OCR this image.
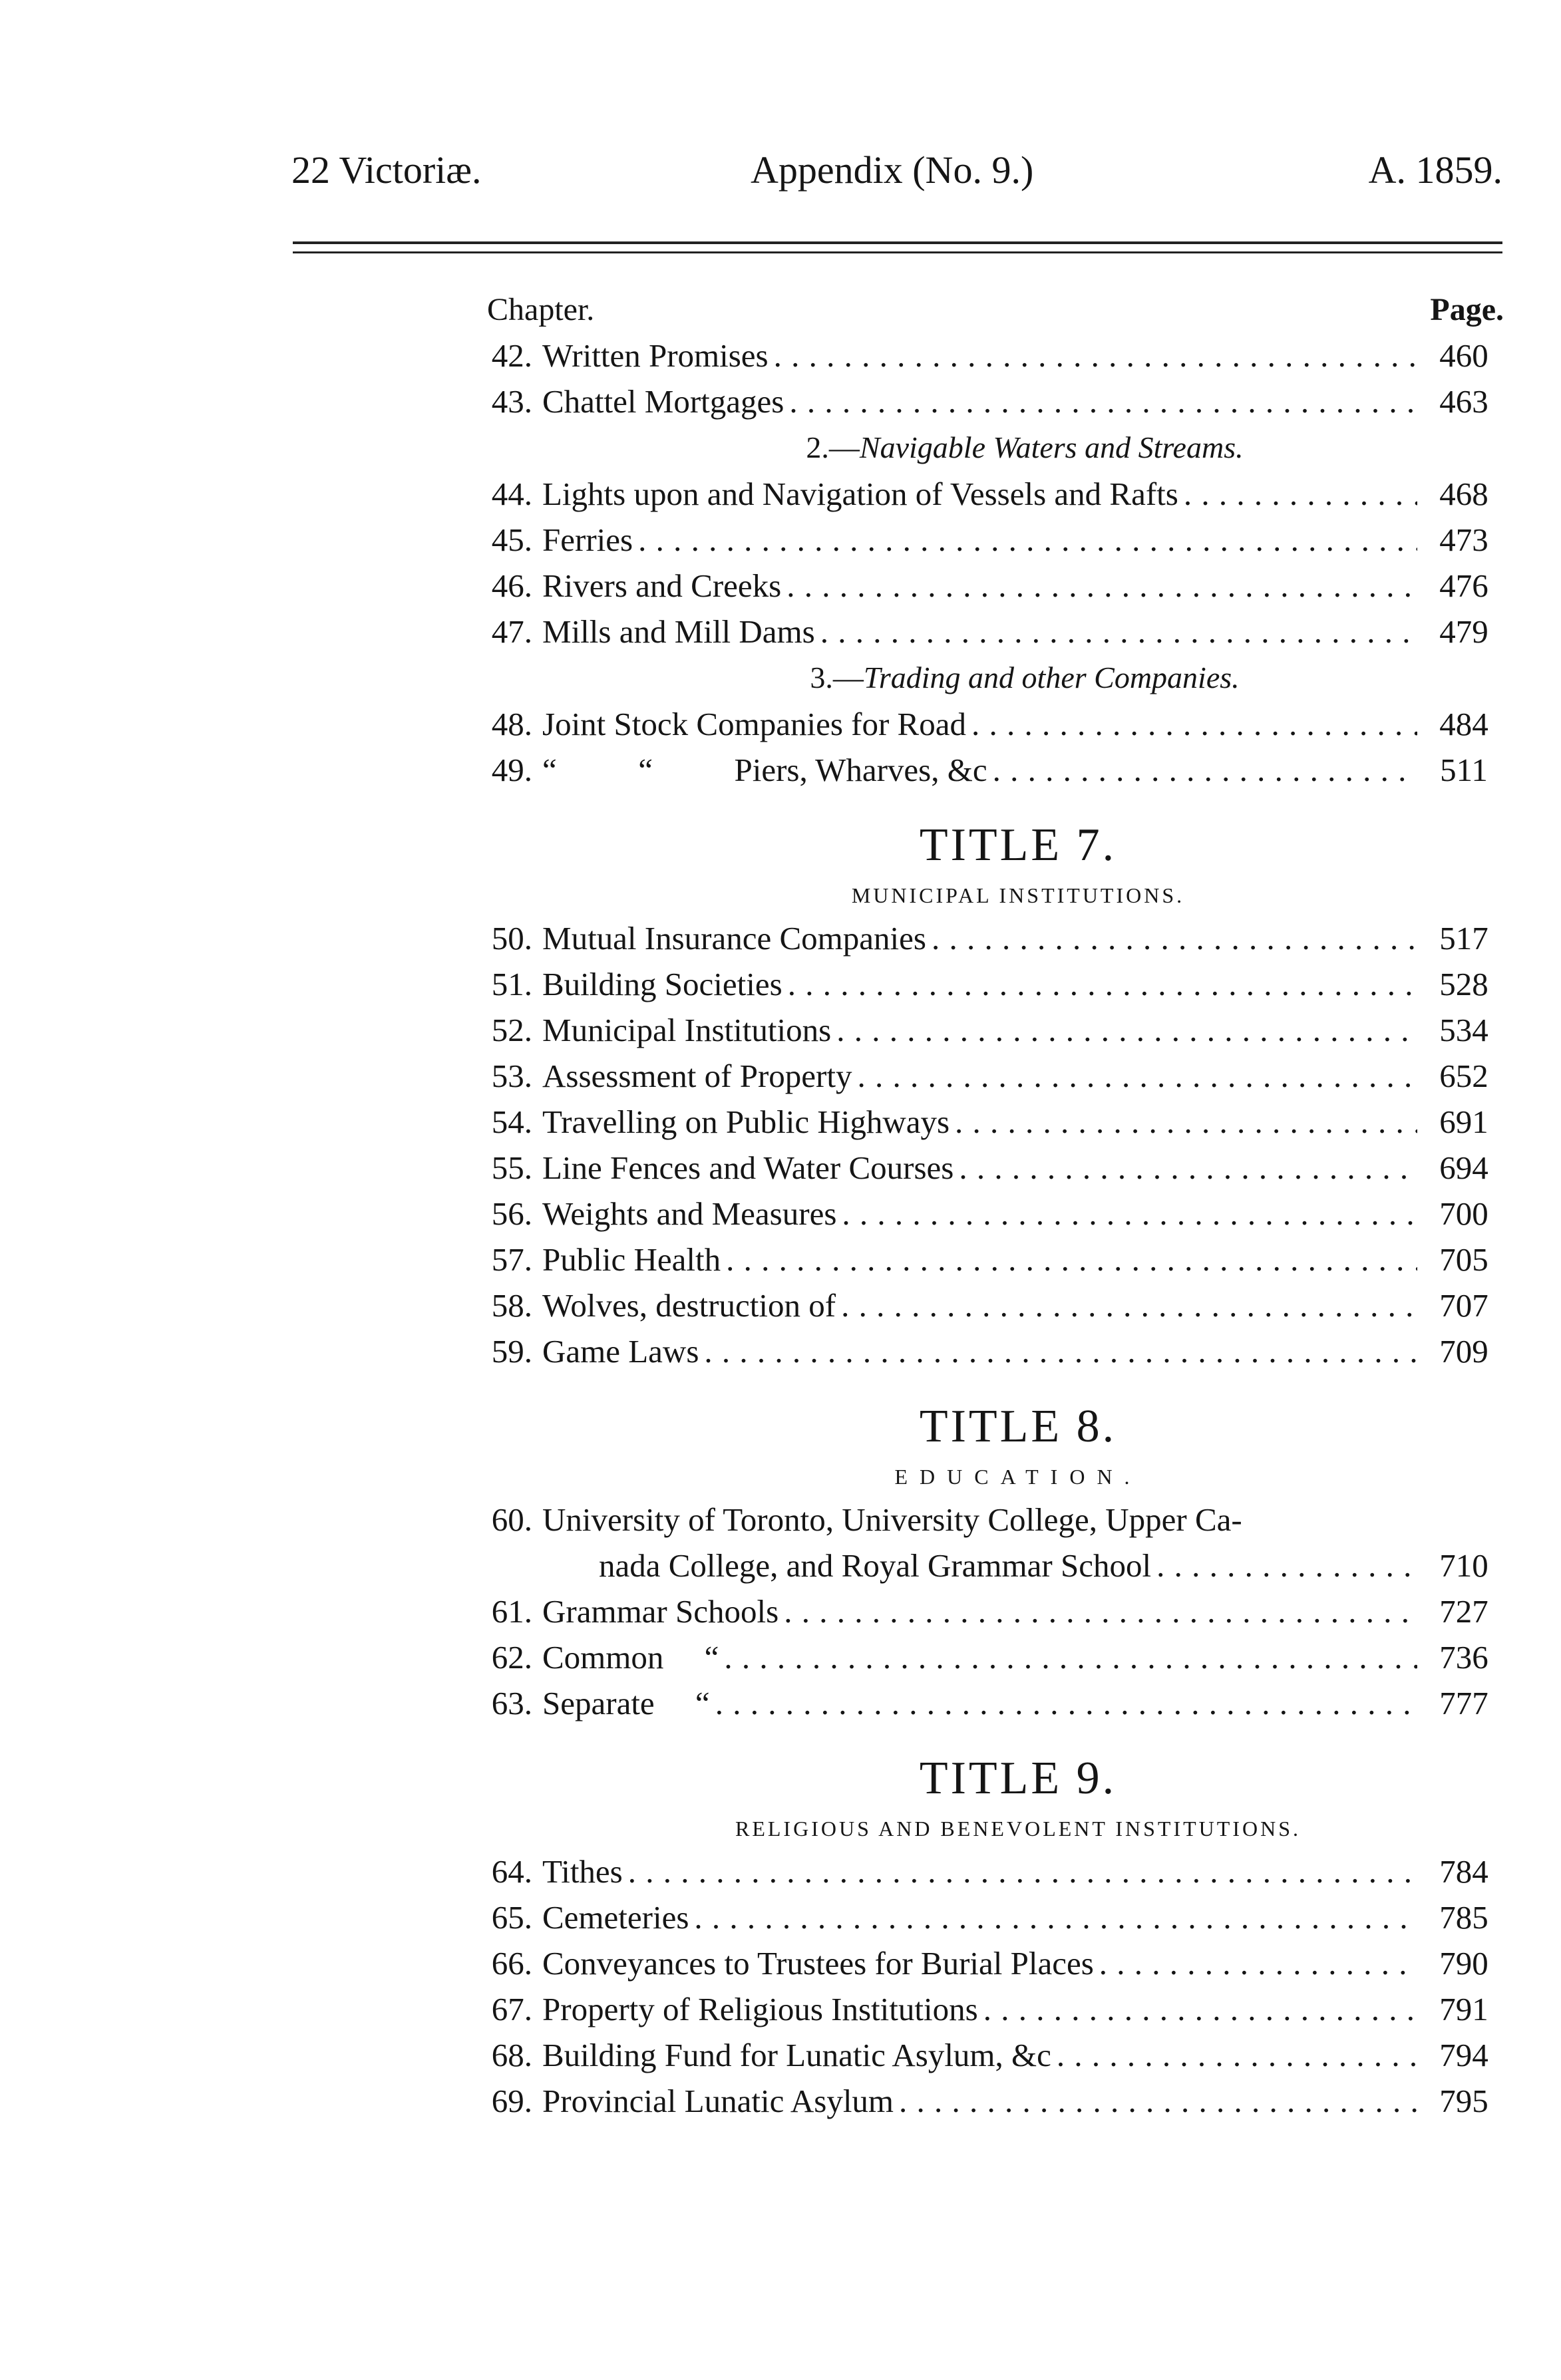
22 Victoriæ.	Appendix (No. 9.)	A. 1859.
Chapter.	Page.
42. Written Promises . . .	460
43. Chattel Mortgages . . .	463
2.—Navigable Waters and Streams.
44. Lights upon and Navigation of Vessels and Rafts . . .	468
45. Ferries . . .	473
46. Rivers and Creeks . . .	476
47. Mills and Mill Dams . . .	479
3.—Trading and other Companies.
48. Joint Stock Companies for Road . . .	484
49. “          “          Piers, Wharves, &c . . .	511
TITLE 7.
MUNICIPAL INSTITUTIONS.
50. Mutual Insurance Companies . . .	517
51. Building Societies . . .	528
52. Municipal Institutions . . .	534
53. Assessment of Property . . .	652
54. Travelling on Public Highways . . .	691
55. Line Fences and Water Courses . . .	694
56. Weights and Measures . . .	700
57. Public Health . . .	705
58. Wolves, destruction of . . .	707
59. Game Laws . . .	709
TITLE 8.
EDUCATION.
60. University of Toronto, University College, Upper Ca-
nada College, and Royal Grammar School . . .	710
61. Grammar Schools . . .	727
62. Common     “ . . .	736
63. Separate     “ . . .	777
TITLE 9.
RELIGIOUS AND BENEVOLENT INSTITUTIONS.
64. Tithes . . .	784
65. Cemeteries . . .	785
66. Conveyances to Trustees for Burial Places . . .	790
67. Property of Religious Institutions . . .	791
68. Building Fund for Lunatic Asylum, &c . . .	794
69. Provincial Lunatic Asylum . . .	795
